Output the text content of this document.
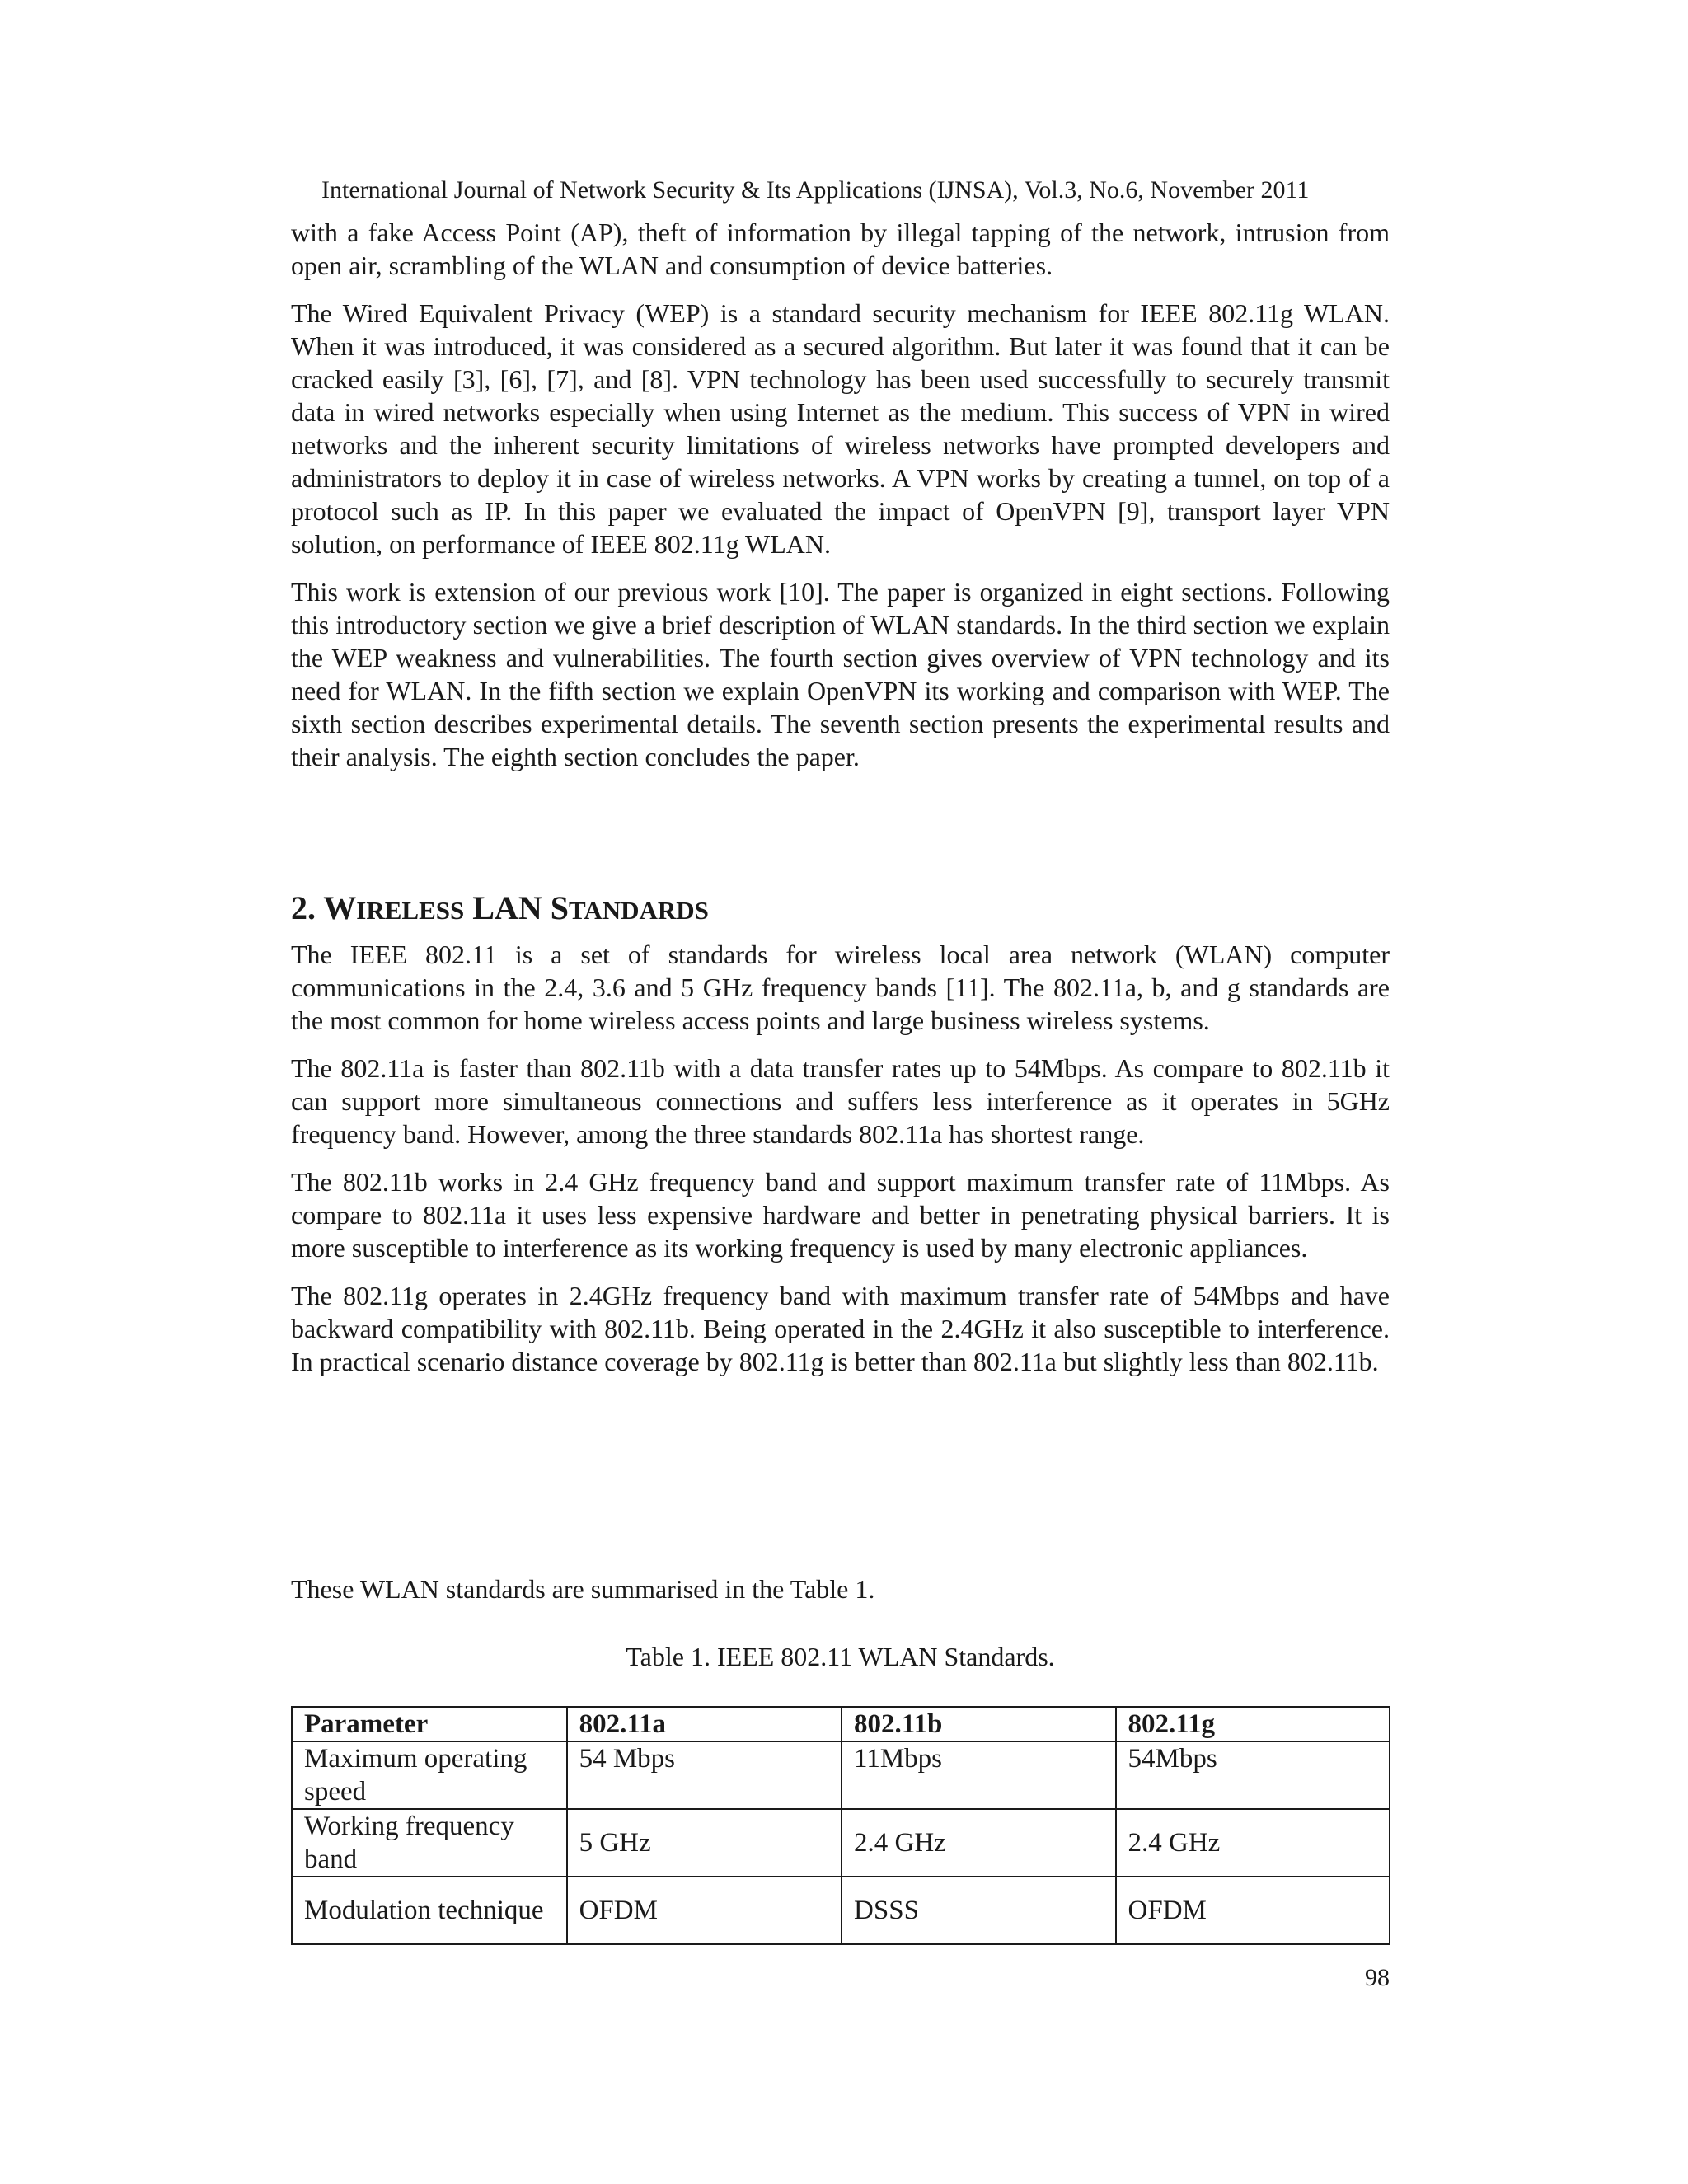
International Journal of Network Security & Its Applications (IJNSA), Vol.3, No.6, November 2011

with a fake Access Point (AP), theft of information by illegal tapping of the network, intrusion from open air, scrambling of the WLAN and consumption of device batteries.

The Wired Equivalent Privacy (WEP) is a standard security mechanism for IEEE 802.11g WLAN. When it was introduced, it was considered as a secured algorithm. But later it was found that it can be cracked easily [3], [6], [7], and [8]. VPN technology has been used successfully to securely transmit data in wired networks especially when using Internet as the medium. This success of VPN in wired networks and the inherent security limitations of wireless networks have prompted developers and administrators to deploy it in case of wireless networks. A VPN works by creating a tunnel, on top of a protocol such as IP. In this paper we evaluated the impact of OpenVPN [9], transport layer VPN solution, on performance of IEEE 802.11g WLAN.

This work is extension of our previous work [10]. The paper is organized in eight sections. Following this introductory section we give a brief description of WLAN standards. In the third section we explain the WEP weakness and vulnerabilities. The fourth section gives overview of VPN technology and its need for WLAN. In the fifth section we explain OpenVPN its working and comparison with WEP. The sixth section describes experimental details. The seventh section presents the experimental results and their analysis. The eighth section concludes the paper.

2. WIRELESS LAN STANDARDS

The IEEE 802.11 is a set of standards for wireless local area network (WLAN) computer communications in the 2.4, 3.6 and 5 GHz frequency bands [11]. The 802.11a, b, and g standards are the most common for home wireless access points and large business wireless systems.

The 802.11a is faster than 802.11b with a data transfer rates up to 54Mbps. As compare to 802.11b it can support more simultaneous connections and suffers less interference as it operates in 5GHz frequency band. However, among the three standards 802.11a has shortest range.

The 802.11b works in 2.4 GHz frequency band and support maximum transfer rate of 11Mbps. As compare to 802.11a it uses less expensive hardware and better in penetrating physical barriers. It is more susceptible to interference as its working frequency is used by many electronic appliances.

The 802.11g operates in 2.4GHz frequency band with maximum transfer rate of 54Mbps and have backward compatibility with 802.11b. Being operated in the 2.4GHz it also susceptible to interference. In practical scenario distance coverage by 802.11g is better than 802.11a but slightly less than 802.11b.

These WLAN standards are summarised in the Table 1.

Table 1. IEEE 802.11 WLAN Standards.
Parameter	802.11a	802.11b	802.11g
Maximum operating speed	54 Mbps	11Mbps	54Mbps
Working frequency band	5 GHz	2.4 GHz	2.4 GHz
Modulation technique	OFDM	DSSS	OFDM
98
